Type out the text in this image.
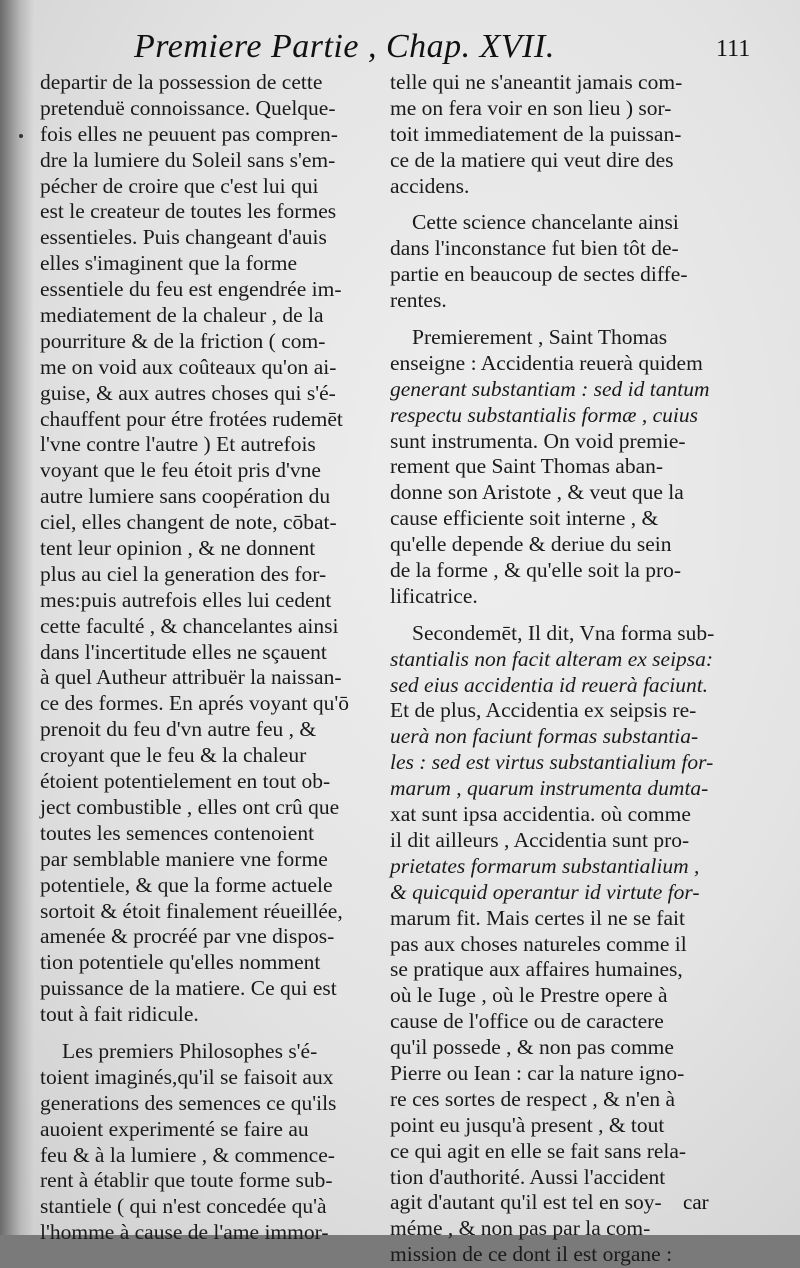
Premiere Partie , Chap. XVII.	111
departir de la possession de cette
pretenduë connoissance. Quelque-
fois elles ne peuuent pas compren-
dre la lumiere du Soleil sans s'em-
pécher de croire que c'est lui qui
est le createur de toutes les formes
essentieles. Puis changeant d'auis
elles s'imaginent que la forme
essentiele du feu est engendrée im-
mediatement de la chaleur , de la
pourriture & de la friction ( com-
me on void aux coûteaux qu'on ai-
guise, & aux autres choses qui s'é-
chauffent pour étre frotées rudemēt
l'vne contre l'autre ) Et autrefois
voyant que le feu étoit pris d'vne
autre lumiere sans coopération du
ciel, elles changent de note, cōbat-
tent leur opinion , & ne donnent
plus au ciel la generation des for-
mes:puis autrefois elles lui cedent
cette faculté , & chancelantes ainsi
dans l'incertitude elles ne sçauent
à quel Autheur attribuër la naissan-
ce des formes. En aprés voyant qu'ō
prenoit du feu d'vn autre feu , &
croyant que le feu & la chaleur
étoient potentielement en tout ob-
ject combustible , elles ont crû que
toutes les semences contenoient
par semblable maniere vne forme
potentiele, & que la forme actuele
sortoit & étoit finalement réueillée,
amenée & procréé par vne dispos-
tion potentiele qu'elles nomment
puissance de la matiere. Ce qui est
tout à fait ridicule.
Les premiers Philosophes s'é-
toient imaginés,qu'il se faisoit aux
generations des semences ce qu'ils
auoient experimenté se faire au
feu & à la lumiere , & commence-
rent à établir que toute forme sub-
stantiele ( qui n'est concedée qu'à
l'homme à cause de l'ame immor-
telle qui ne s'aneantit jamais com-
me on fera voir en son lieu ) sor-
toit immediatement de la puissan-
ce de la matiere qui veut dire des
accidens.
Cette science chancelante ainsi
dans l'inconstance fut bien tôt de-
partie en beaucoup de sectes diffe-
rentes.
Premierement , Saint Thomas
enseigne : Accidentia reuerà quidem
generant substantiam : sed id tantum
respectu substantialis formæ , cuius
sunt instrumenta. On void premie-
rement que Saint Thomas aban-
donne son Aristote , & veut que la
cause efficiente soit interne , &
qu'elle depende & deriue du sein
de la forme , & qu'elle soit la pro-
lificatrice.
Secondemēt, Il dit, Vna forma sub-
stantialis non facit alteram ex seipsa:
sed eius accidentia id reuerà faciunt.
Et de plus, Accidentia ex seipsis re-
uerà non faciunt formas substantia-
les : sed est virtus substantialium for-
marum , quarum instrumenta dumta-
xat sunt ipsa accidentia. où comme
il dit ailleurs , Accidentia sunt pro-
prietates formarum substantialium ,
& quicquid operantur id virtute for-
marum fit. Mais certes il ne se fait
pas aux choses natureles comme il
se pratique aux affaires humaines,
où le Iuge , où le Prestre opere à
cause de l'office ou de caractere
qu'il possede , & non pas comme
Pierre ou Iean : car la nature igno-
re ces sortes de respect , & n'en à
point eu jusqu'à present , & tout
ce qui agit en elle se fait sans rela-
tion d'authorité. Aussi l'accident
agit d'autant qu'il est tel en soy-
méme , & non pas par la com-
mission de ce dont il est organe :
car
